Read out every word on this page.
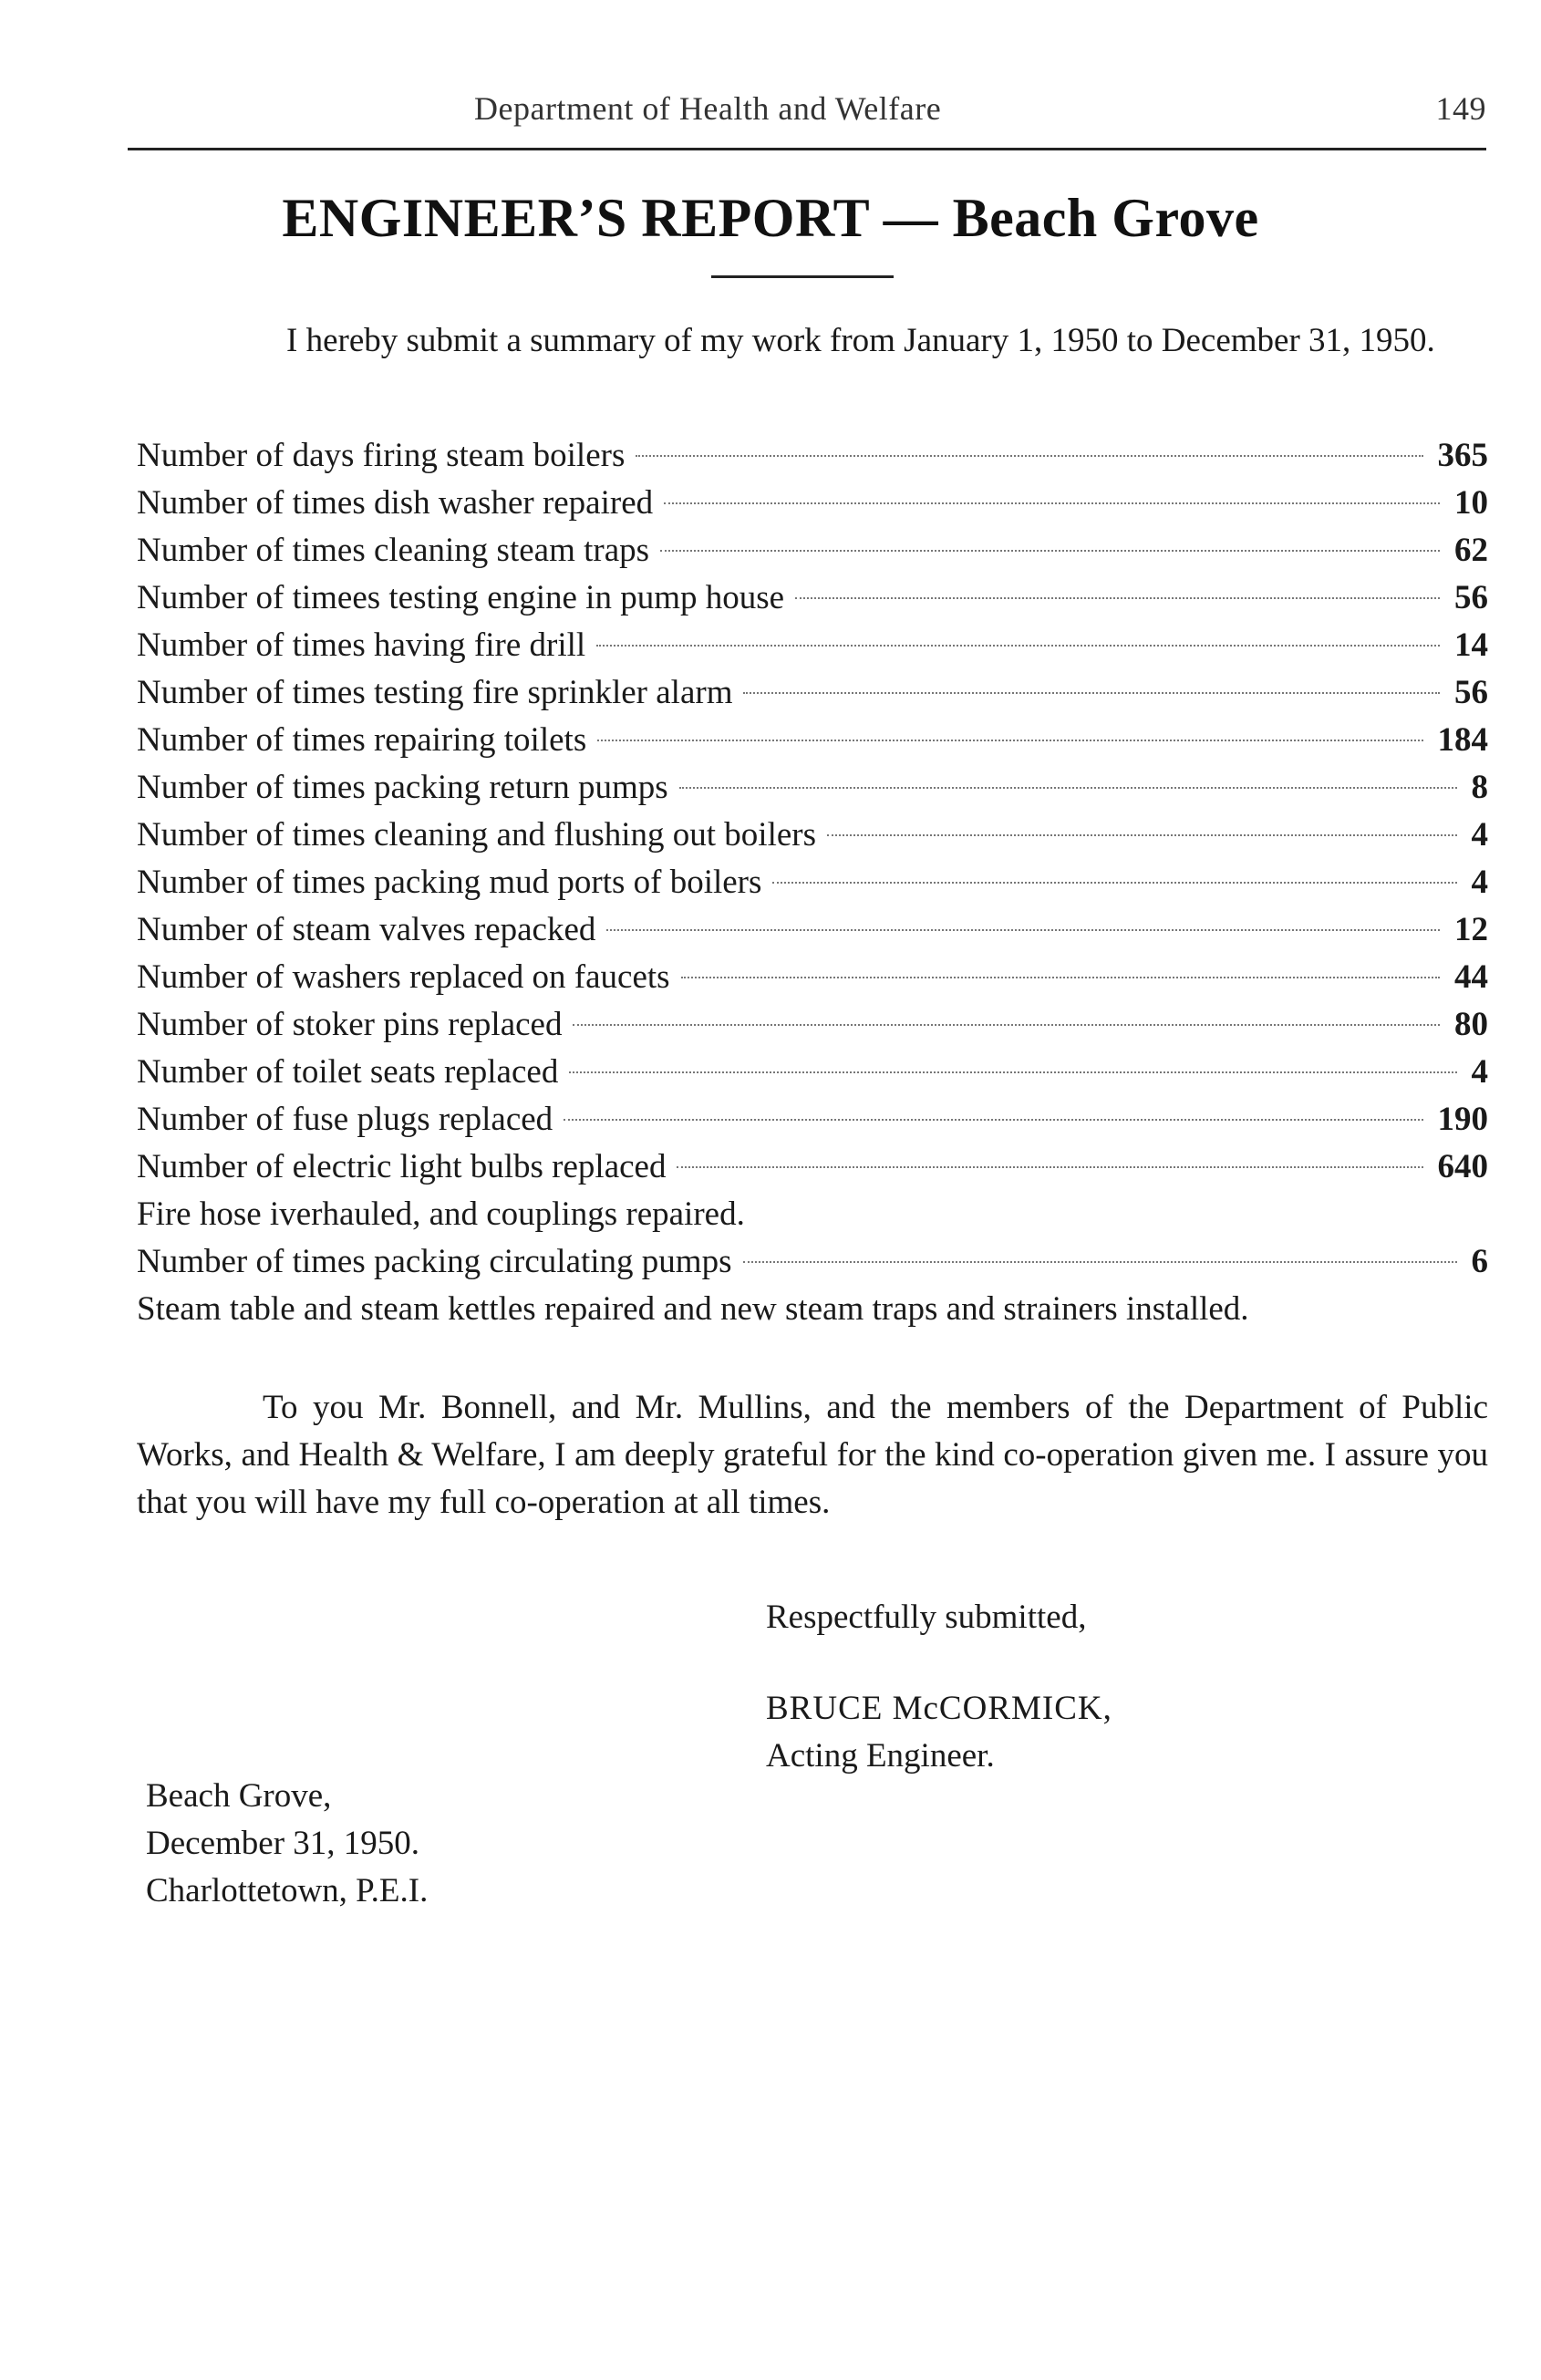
Department of Health and Welfare	149
ENGINEER’S REPORT — Beach Grove
I hereby submit a summary of my work from January 1, 1950 to December 31, 1950.
Number of days firing steam boilers	365
Number of times dish washer repaired	10
Number of times cleaning steam traps	62
Number of timees testing engine in pump house	56
Number of times having fire drill	14
Number of times testing fire sprinkler alarm	56
Number of times repairing toilets	184
Number of times packing return pumps	8
Number of times cleaning and flushing out boilers	4
Number of times packing mud ports of boilers	4
Number of steam valves repacked	12
Number of washers replaced on faucets	44
Number of stoker pins replaced	80
Number of toilet seats replaced	4
Number of fuse plugs replaced	190
Number of electric light bulbs replaced	640
Fire hose iverhauled, and couplings repaired.
Number of times packing circulating pumps	6
Steam table and steam kettles repaired and new steam traps and strainers installed.
To you Mr. Bonnell, and Mr. Mullins, and the members of the Department of Public Works, and Health & Welfare, I am deeply grateful for the kind co-operation given me. I assure you that you will have my full co-operation at all times.
Respectfully submitted,
BRUCE McCORMICK,
Acting Engineer.
Beach Grove,
December 31, 1950.
Charlottetown, P.E.I.
